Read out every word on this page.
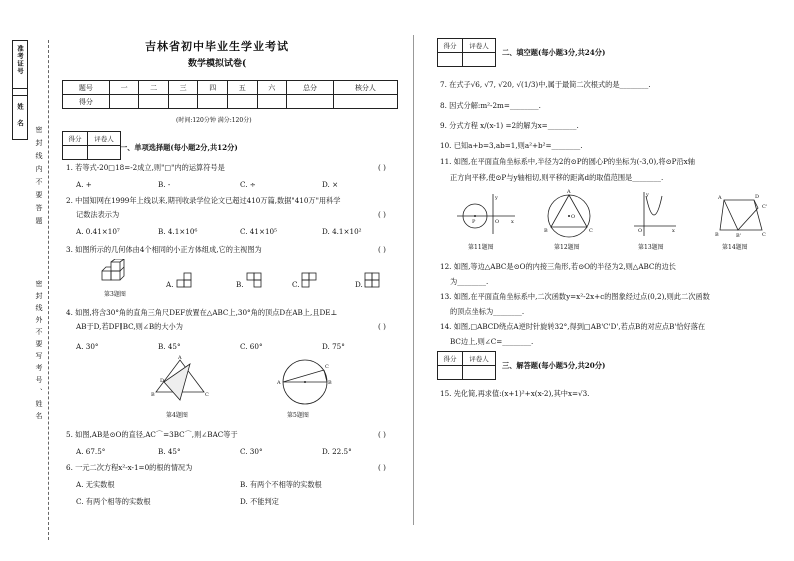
准考证号
姓名
密封线内不要答题
密封线外不要写考号、姓名
吉林省初中毕业生学业考试
数学模拟试卷(
题号	一	二	三	四	五	六	总分	核分人
得分								
(时间:120分钟 满分:120分)
得分	评卷人

一、单项选择题(每小题2分,共12分)
1. 若等式-20□18=-2成立,则"□"内的运算符号是	( )
A. +	B. -	C. ÷	D. ×
2. 中国知网在1999年上线以来,期刊收录学位论文已超过410万篇,数据"410万"用科学
记数法表示为	( )
A. 0.41×10⁷	B. 4.1×10⁶	C. 41×10⁵	D. 4.1×10²
3. 如图所示的几何体由4个相同的小正方体组成,它的主视图为	( )
第3题图
A.	B.	C.	D.
4. 如图,将含30°角的直角三角尺DEF放置在△ABC上,30°角的顶点D在AB上,且DE⊥
AB于D,若DF∥BC,则∠B的大小为	( )
A. 30°	B. 45°	C. 60°	D. 75°
A
B	C
D
第4题图
A	B
C
第5题图
5. 如图,AB是⊙O的直径,AC⌒=3BC⌒,则∠BAC等于	( )
A. 67.5°	B. 45°	C. 30°	D. 22.5°
6. 一元二次方程x²-x-1=0的根的情况为	( )
A. 无实数根	B. 有两个不相等的实数根
C. 有两个相等的实数根	D. 不能判定
得分	评卷人

二、填空题(每小题3分,共24分)
7. 在式子√6, √7, √20, √(1/3)中,属于最简二次根式的是________.
8. 因式分解:m²-2m=________.
9. 分式方程 x/(x-1) =2的解为x=________.
10. 已知a+b=3,ab=1,则a²+b²=________.
11. 如图,在平面直角坐标系中,半径为2的⊙P的圆心P的坐标为(-3,0),将⊙P沿x轴
正方向平移,使⊙P与y轴相切,则平移的距离d的取值范围是________.
P	O x
y
第11题图
A
B	C
O
第12题图
O	x
y
第13题图
A	D
C'
B	B'	C
第14题图
12. 如图,等边△ABC是⊙O的内接三角形,若⊙O的半径为2,则△ABC的边长
为________.
13. 如图,在平面直角坐标系中,二次函数y=x²-2x+c的图象经过点(0,2),则此二次函数
的顶点坐标为________.
14. 如图,□ABCD绕点A逆时针旋转32°,得到□AB'C'D',若点B的对应点B'恰好落在
BC边上,则∠C=________.
得分	评卷人

三、解答题(每小题5分,共20分)
15. 先化简,再求值:(x+1)²+x(x-2),其中x=√3.
